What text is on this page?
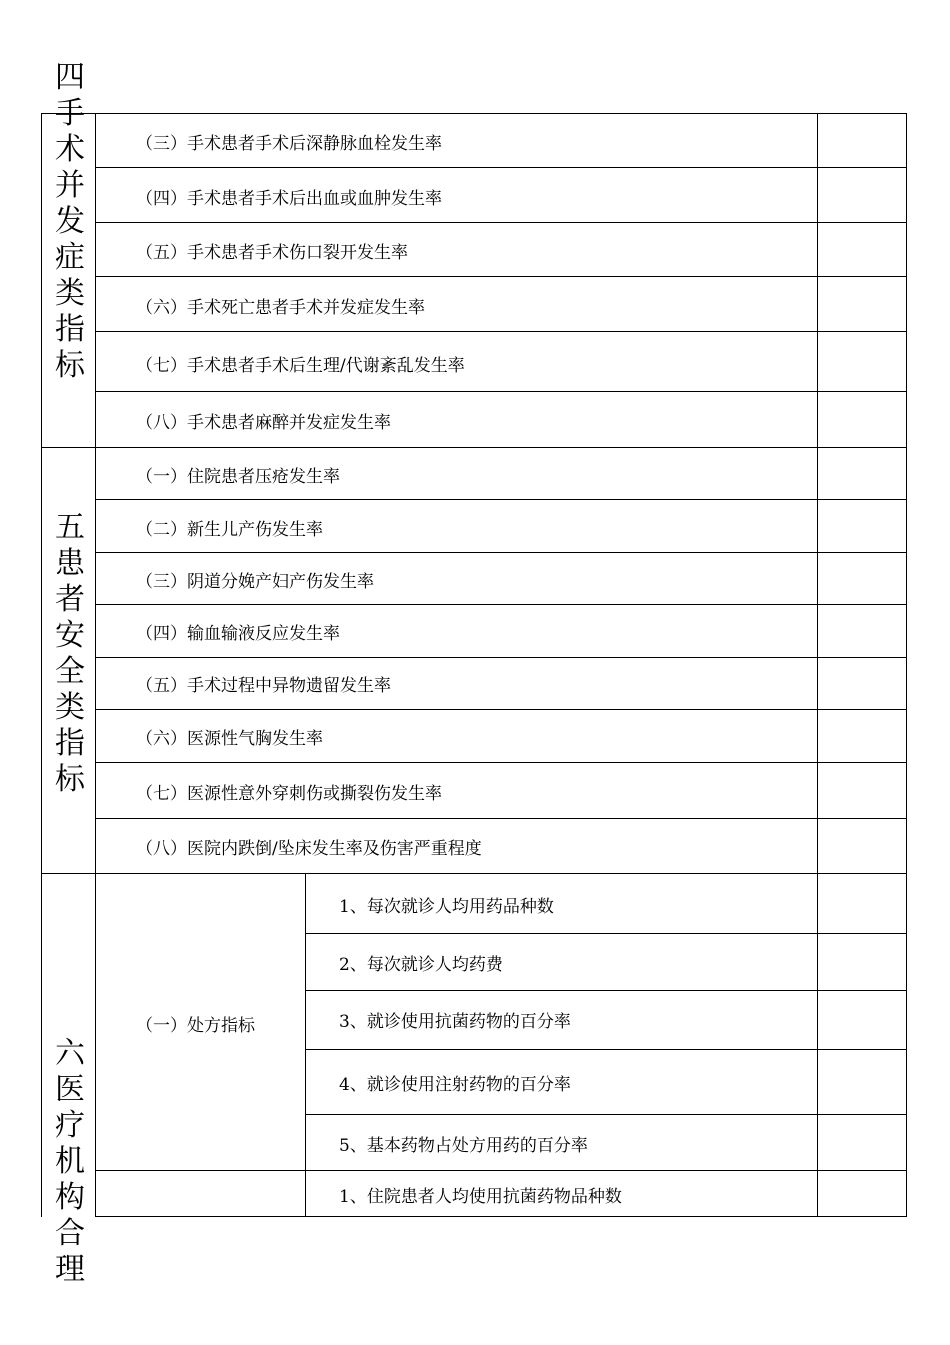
四手术并发症类指标
五患者安全类指标
六医疗机构合理
（三）手术患者手术后深静脉血栓发生率
（四）手术患者手术后出血或血肿发生率
（五）手术患者手术伤口裂开发生率
（六）手术死亡患者手术并发症发生率
（七）手术患者手术后生理/代谢紊乱发生率
（八）手术患者麻醉并发症发生率
（一）住院患者压疮发生率
（二）新生儿产伤发生率
（三）阴道分娩产妇产伤发生率
（四）输血输液反应发生率
（五）手术过程中异物遗留发生率
（六）医源性气胸发生率
（七）医源性意外穿刺伤或撕裂伤发生率
（八）医院内跌倒/坠床发生率及伤害严重程度
（一）处方指标
1、每次就诊人均用药品种数
2、每次就诊人均药费
3、就诊使用抗菌药物的百分率
4、就诊使用注射药物的百分率
5、基本药物占处方用药的百分率
1、住院患者人均使用抗菌药物品种数
